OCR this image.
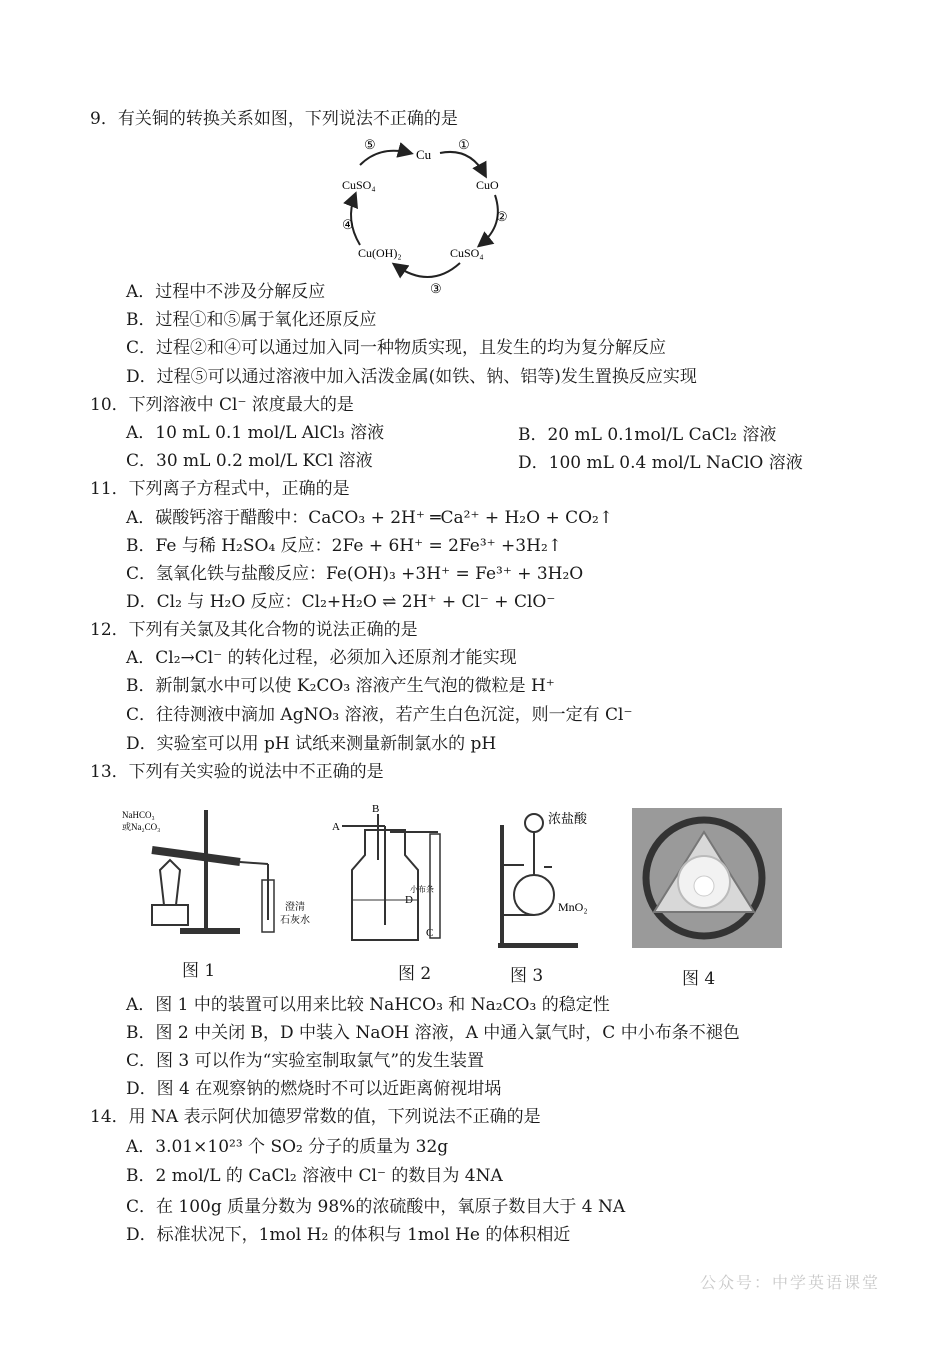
9．有关铜的转换关系如图，下列说法不正确的是
Cu
CuO
CuSO₄
Cu(OH)₂
CuSO₄
①
②
③
④
⑤
A．过程中不涉及分解反应
B．过程①和⑤属于氧化还原反应
C．过程②和④可以通过加入同一种物质实现，且发生的均为复分解反应
D．过程⑤可以通过溶液中加入活泼金属(如铁、钠、铝等)发生置换反应实现
10．下列溶液中 Cl⁻ 浓度最大的是
A．10 mL 0.1 mol/L AlCl₃ 溶液	B．20 mL 0.1mol/L CaCl₂ 溶液
C．30 mL 0.2 mol/L KCl 溶液	D．100 mL 0.4 mol/L NaClO 溶液
11．下列离子方程式中，正确的是
A．碳酸钙溶于醋酸中：CaCO₃ + 2H⁺ ═Ca²⁺ + H₂O + CO₂↑
B．Fe 与稀 H₂SO₄ 反应：2Fe + 6H⁺ = 2Fe³⁺ +3H₂↑
C．氢氧化铁与盐酸反应：Fe(OH)₃ +3H⁺ = Fe³⁺ + 3H₂O
D．Cl₂ 与 H₂O 反应：Cl₂+H₂O ⇌ 2H⁺ + Cl⁻ + ClO⁻
12．下列有关氯及其化合物的说法正确的是
A．Cl₂→Cl⁻ 的转化过程，必须加入还原剂才能实现
B．新制氯水中可以使 K₂CO₃ 溶液产生气泡的微粒是 H⁺
C．往待测液中滴加 AgNO₃ 溶液，若产生白色沉淀，则一定有 Cl⁻
D．实验室可以用 pH 试纸来测量新制氯水的 pH
13．下列有关实验的说法中不正确的是
NaHCO₃
或Na₂CO₃
澄清
石灰水
B
A
D
C
小布条
浓盐酸
MnO₂
图 1	图 2	图 3	图 4
A．图 1 中的装置可以用来比较 NaHCO₃ 和 Na₂CO₃ 的稳定性
B．图 2 中关闭 B，D 中装入 NaOH 溶液，A 中通入氯气时，C 中小布条不褪色
C．图 3 可以作为“实验室制取氯气”的发生装置
D．图 4 在观察钠的燃烧时不可以近距离俯视坩埚
14．用 NA 表示阿伏加德罗常数的值，下列说法不正确的是
A．3.01×10²³ 个 SO₂ 分子的质量为 32g
B．2 mol/L 的 CaCl₂ 溶液中 Cl⁻ 的数目为 4NA
C．在 100g 质量分数为 98%的浓硫酸中，氧原子数目大于 4 NA
D．标准状况下，1mol H₂ 的体积与 1mol He 的体积相近
公众号：中学英语课堂
